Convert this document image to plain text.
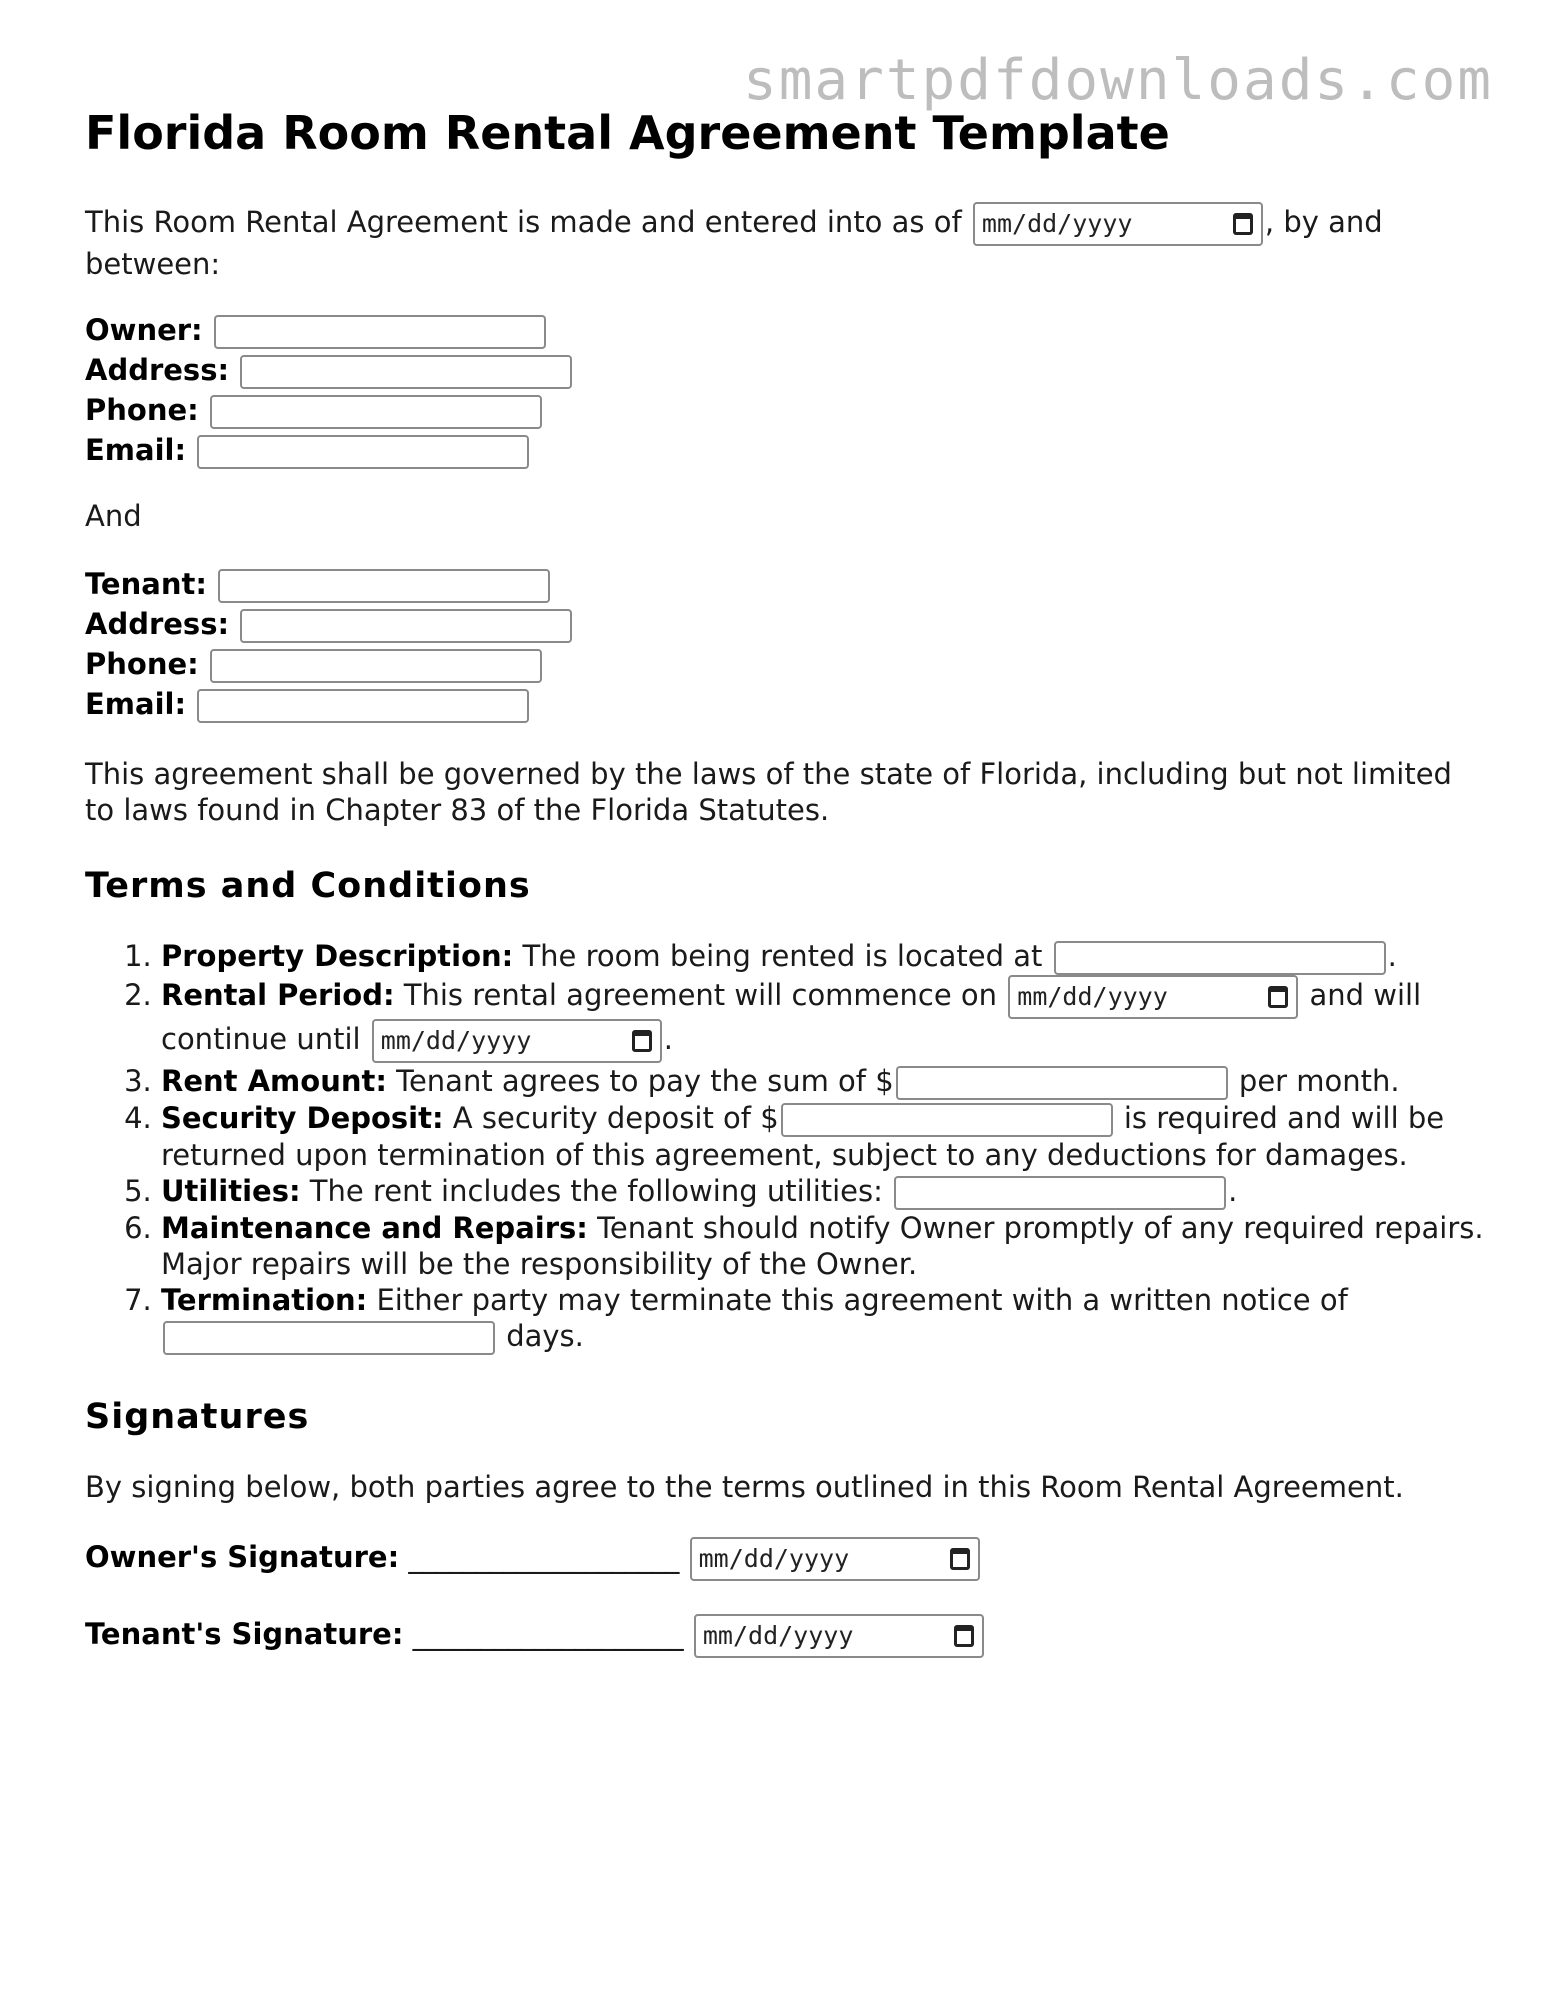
smartpdfdownloads.com
Florida Room Rental Agreement Template

This Room Rental Agreement is made and entered into as of mm/dd/yyyy	, by and between:

Owner:
Address:
Phone:
Email:

And

Tenant:
Address:
Phone:
Email:

This agreement shall be governed by the laws of the state of Florida, including but not limited to laws found in Chapter 83 of the Florida Statutes.

Terms and Conditions
1. Property Description: The room being rented is located at	.
2. Rental Period: This rental agreement will commence on mm/dd/yyyy	and will continue until mm/dd/yyyy	.
3. Rent Amount: Tenant agrees to pay the sum of $	per month.
4. Security Deposit: A security deposit of $	is required and will be returned upon termination of this agreement, subject to any deductions for damages.
5. Utilities: The rent includes the following utilities:	.
6. Maintenance and Repairs: Tenant should notify Owner promptly of any required repairs. Major repairs will be the responsibility of the Owner.
7. Termination: Either party may terminate this agreement with a written notice of  days.
Signatures

By signing below, both parties agree to the terms outlined in this Room Rental Agreement.

Owner's Signature: ____________________ mm/dd/yyyy
Tenant's Signature: ____________________ mm/dd/yyyy
